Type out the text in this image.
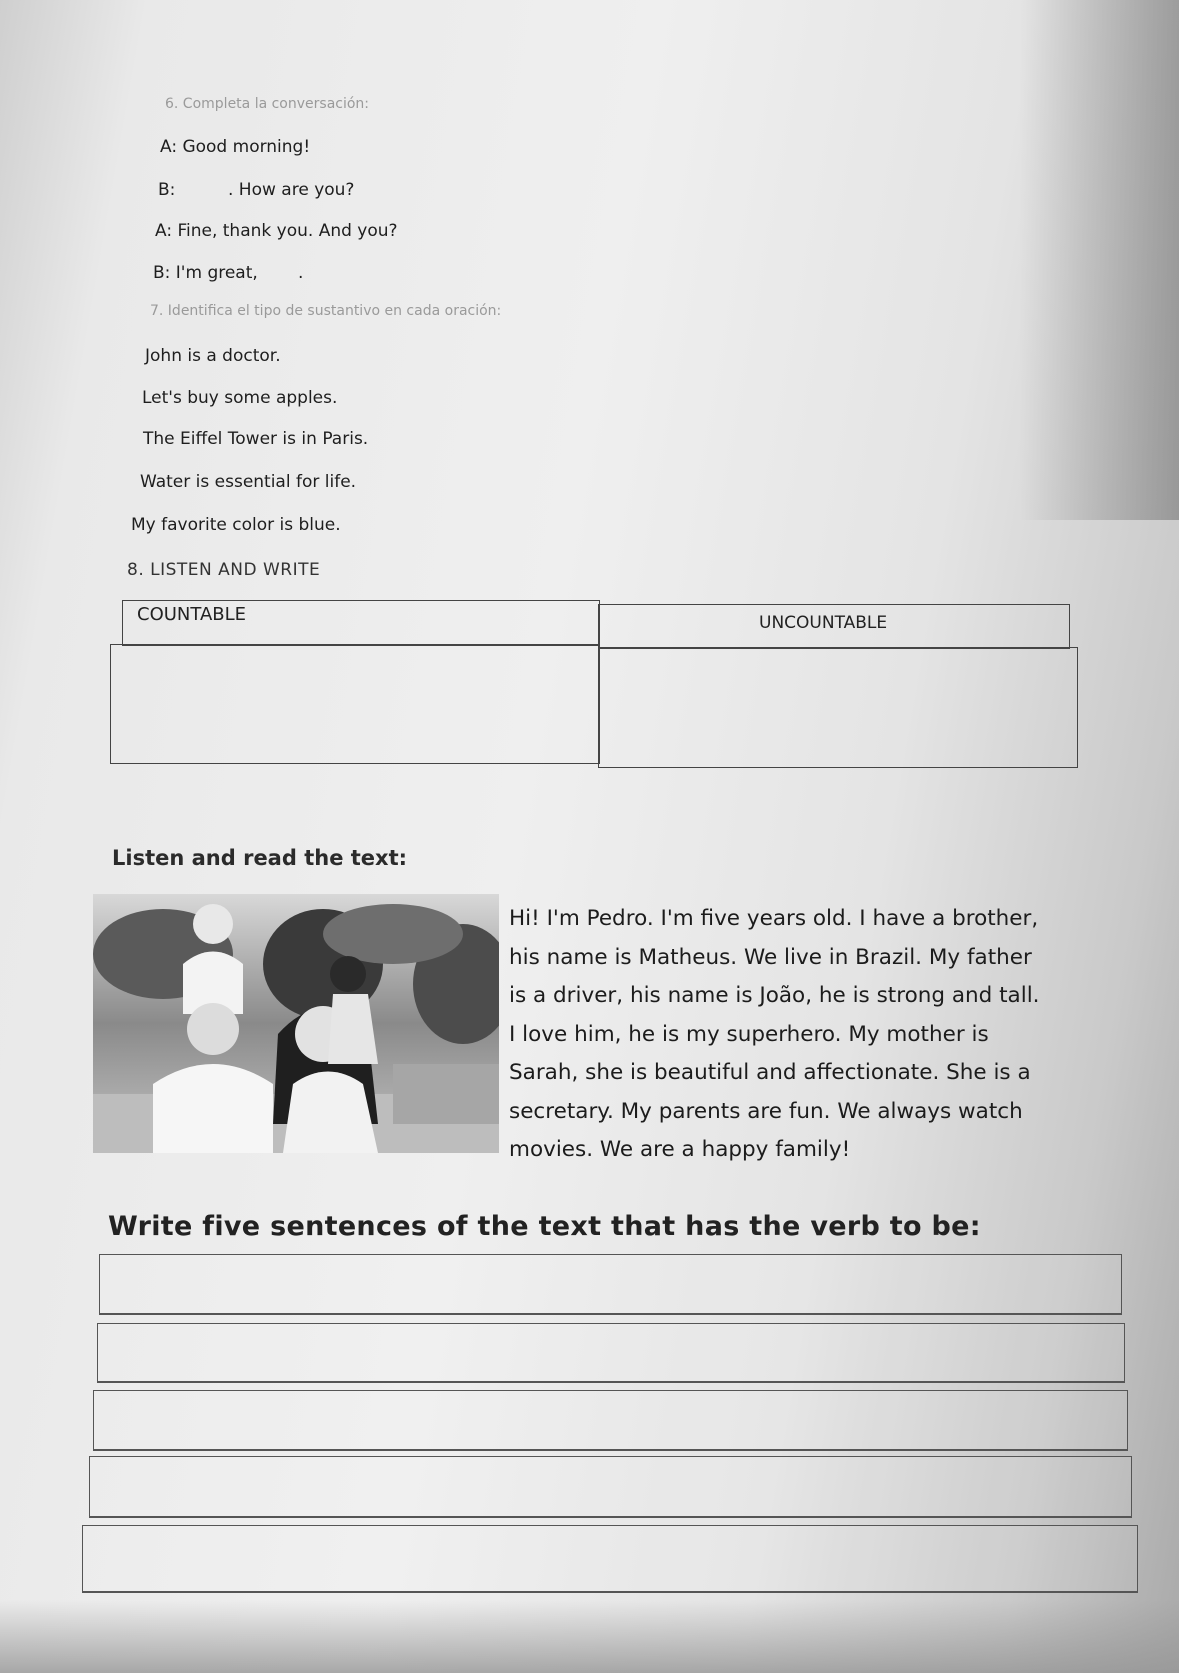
6. Completa la conversación:
A: Good morning!
B:	. How are you?
A: Fine, thank you. And you?
B: I'm great, .
7. Identifica el tipo de sustantivo en cada oración:
John is a doctor.
Let's buy some apples.
The Eiffel Tower is in Paris.
Water is essential for life.
My favorite color is blue.
8. LISTEN AND WRITE
COUNTABLE	UNCOUNTABLE
Listen and read the text:
Hi! I'm Pedro. I'm five years old. I have a brother,
his name is Matheus. We live in Brazil. My father
is a driver, his name is João, he is strong and tall.
I love him, he is my superhero. My mother is
Sarah, she is beautiful and affectionate. She is a
secretary. My parents are fun. We always watch
movies. We are a happy family!
Write five sentences of the text that has the verb to be:
